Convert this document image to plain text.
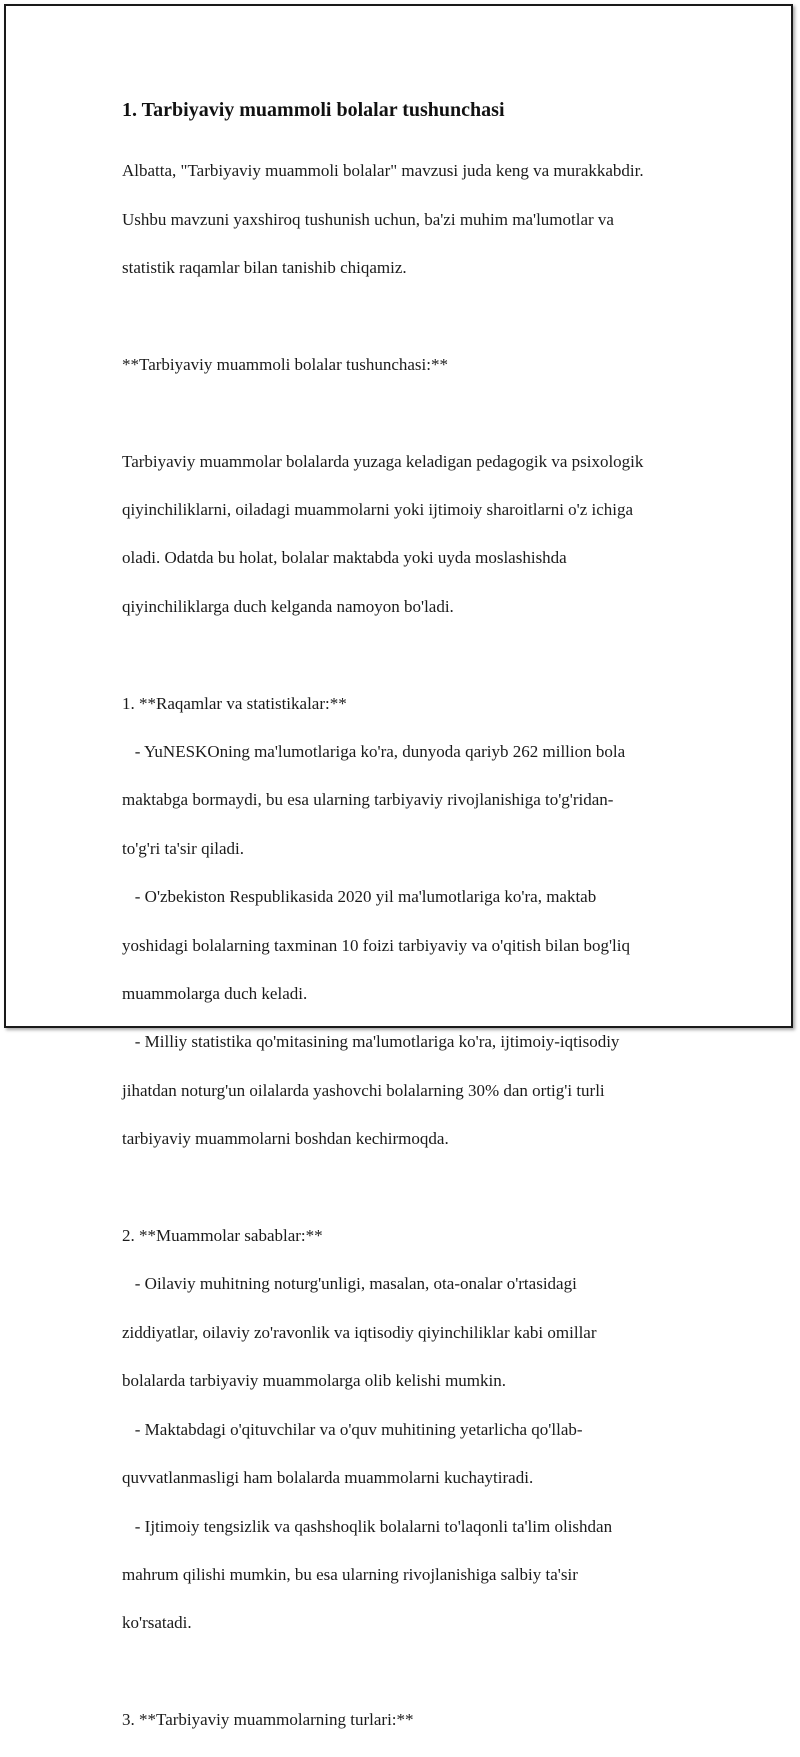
1. Tarbiyaviy muammoli bolalar tushunchasi

Albatta, "Tarbiyaviy muammoli bolalar" mavzusi juda keng va murakkabdir.

Ushbu mavzuni yaxshiroq tushunish uchun, ba'zi muhim ma'lumotlar va

statistik raqamlar bilan tanishib chiqamiz.

**Tarbiyaviy muammoli bolalar tushunchasi:**

Tarbiyaviy muammolar bolalarda yuzaga keladigan pedagogik va psixologik

qiyinchiliklarni, oiladagi muammolarni yoki ijtimoiy sharoitlarni o'z ichiga

oladi. Odatda bu holat, bolalar maktabda yoki uyda moslashishda

qiyinchiliklarga duch kelganda namoyon bo'ladi.

1. **Raqamlar va statistikalar:**

- YuNESKOning ma'lumotlariga ko'ra, dunyoda qariyb 262 million bola

maktabga bormaydi, bu esa ularning tarbiyaviy rivojlanishiga to'g'ridan-

to'g'ri ta'sir qiladi.

- O'zbekiston Respublikasida 2020 yil ma'lumotlariga ko'ra, maktab

yoshidagi bolalarning taxminan 10 foizi tarbiyaviy va o'qitish bilan bog'liq

muammolarga duch keladi.

- Milliy statistika qo'mitasining ma'lumotlariga ko'ra, ijtimoiy-iqtisodiy

jihatdan noturg'un oilalarda yashovchi bolalarning 30% dan ortig'i turli

tarbiyaviy muammolarni boshdan kechirmoqda.

2. **Muammolar sabablar:**

- Oilaviy muhitning noturg'unligi, masalan, ota-onalar o'rtasidagi

ziddiyatlar, oilaviy zo'ravonlik va iqtisodiy qiyinchiliklar kabi omillar

bolalarda tarbiyaviy muammolarga olib kelishi mumkin.

- Maktabdagi o'qituvchilar va o'quv muhitining yetarlicha qo'llab-

quvvatlanmasligi ham bolalarda muammolarni kuchaytiradi.

- Ijtimoiy tengsizlik va qashshoqlik bolalarni to'laqonli ta'lim olishdan

mahrum qilishi mumkin, bu esa ularning rivojlanishiga salbiy ta'sir

ko'rsatadi.

3. **Tarbiyaviy muammolarning turlari:**
